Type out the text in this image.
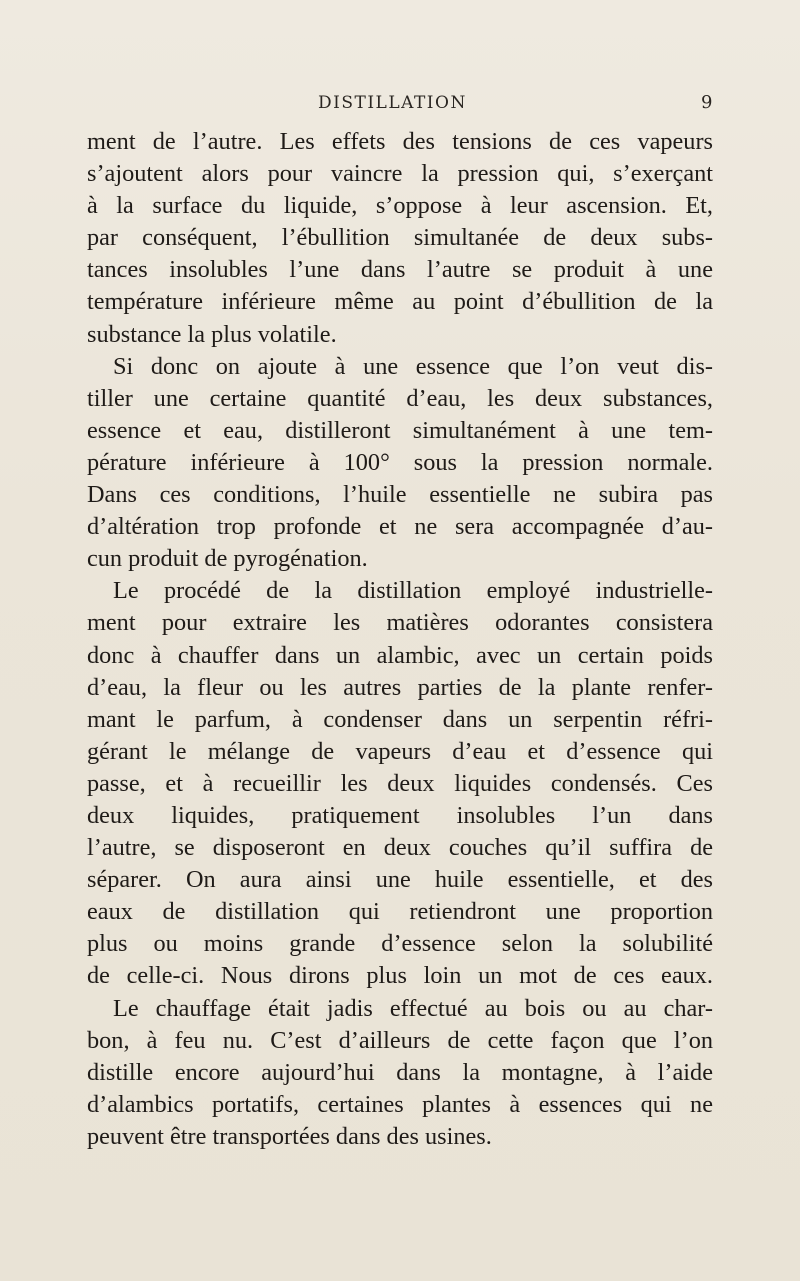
DISTILLATION	9
ment de l’autre. Les effets des tensions de ces vapeurs
s’ajoutent alors pour vaincre la pression qui, s’exerçant
à la surface du liquide, s’oppose à leur ascension. Et,
par conséquent, l’ébullition simultanée de deux subs-
tances insolubles l’une dans l’autre se produit à une
température inférieure même au point d’ébullition de la
substance la plus volatile.
Si donc on ajoute à une essence que l’on veut dis-
tiller une certaine quantité d’eau, les deux substances,
essence et eau, distilleront simultanément à une tem-
pérature inférieure à 100° sous la pression normale.
Dans ces conditions, l’huile essentielle ne subira pas
d’altération trop profonde et ne sera accompagnée d’au-
cun produit de pyrogénation.
Le procédé de la distillation employé industrielle-
ment pour extraire les matières odorantes consistera
donc à chauffer dans un alambic, avec un certain poids
d’eau, la fleur ou les autres parties de la plante renfer-
mant le parfum, à condenser dans un serpentin réfri-
gérant le mélange de vapeurs d’eau et d’essence qui
passe, et à recueillir les deux liquides condensés. Ces
deux liquides, pratiquement insolubles l’un dans
l’autre, se disposeront en deux couches qu’il suffira de
séparer. On aura ainsi une huile essentielle, et des
eaux de distillation qui retiendront une proportion
plus ou moins grande d’essence selon la solubilité
de celle-ci. Nous dirons plus loin un mot de ces eaux.
Le chauffage était jadis effectué au bois ou au char-
bon, à feu nu. C’est d’ailleurs de cette façon que l’on
distille encore aujourd’hui dans la montagne, à l’aide
d’alambics portatifs, certaines plantes à essences qui ne
peuvent être transportées dans des usines.
